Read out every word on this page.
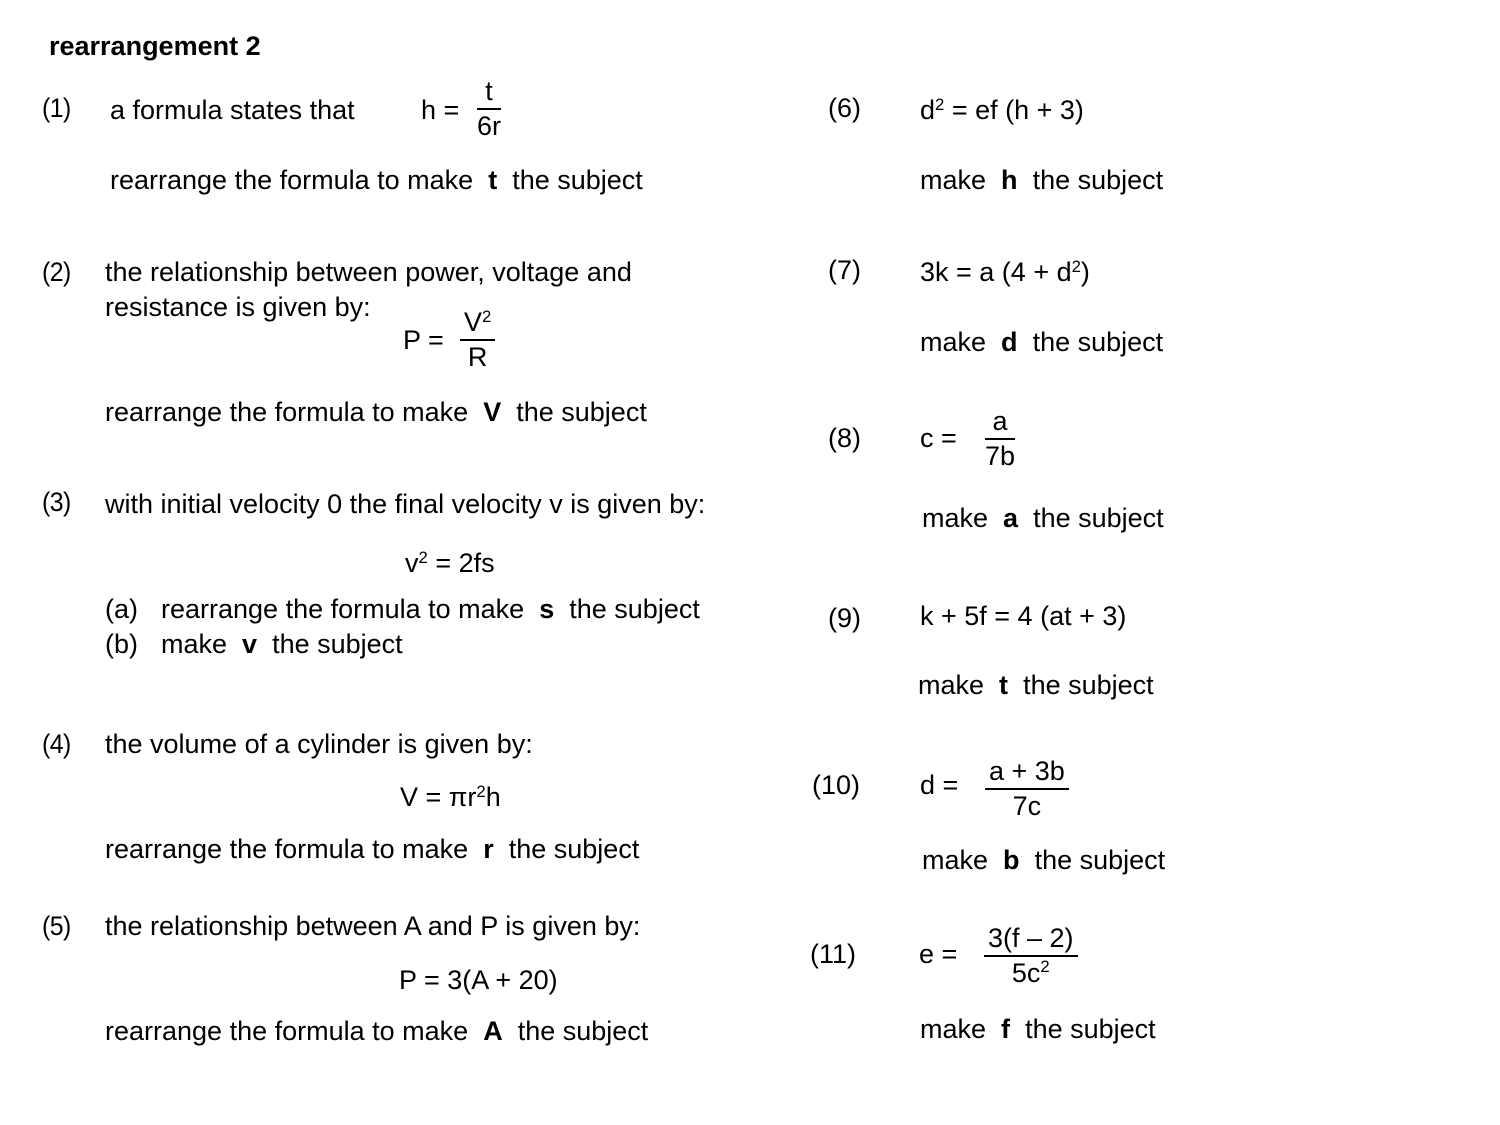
rearrangement 2
(1) a formula states that h =
t
6r
rearrange the formula to make t the subject
(2) the relationship between power, voltage and
resistance is given by:
P =
$V^2$
R
rearrange the formula to make V the subject
(3) with initial velocity 0 the final velocity v is given by:
$v^2 = 2fs$
(a) rearrange the formula to make s the subject
(b) make v the subject
(4) the volume of a cylinder is given by:
$V = \pi r^2h$
rearrange the formula to make r the subject
(5) the relationship between A and P is given by:
P = 3(A + 20)
rearrange the formula to make A the subject
(6) $d^2$ = ef (h + 3)
make h the subject
(7) 3k = a $(4 + d^2)$
make d the subject
(8) c =
a
7b
make a the subject
(9) k + 5f = 4 (at + 3)
make t the subject
(10) d = a + 3b
7c
make b the subject
(11) e =
3(f – 2)
$5c^2$
make f the subject
